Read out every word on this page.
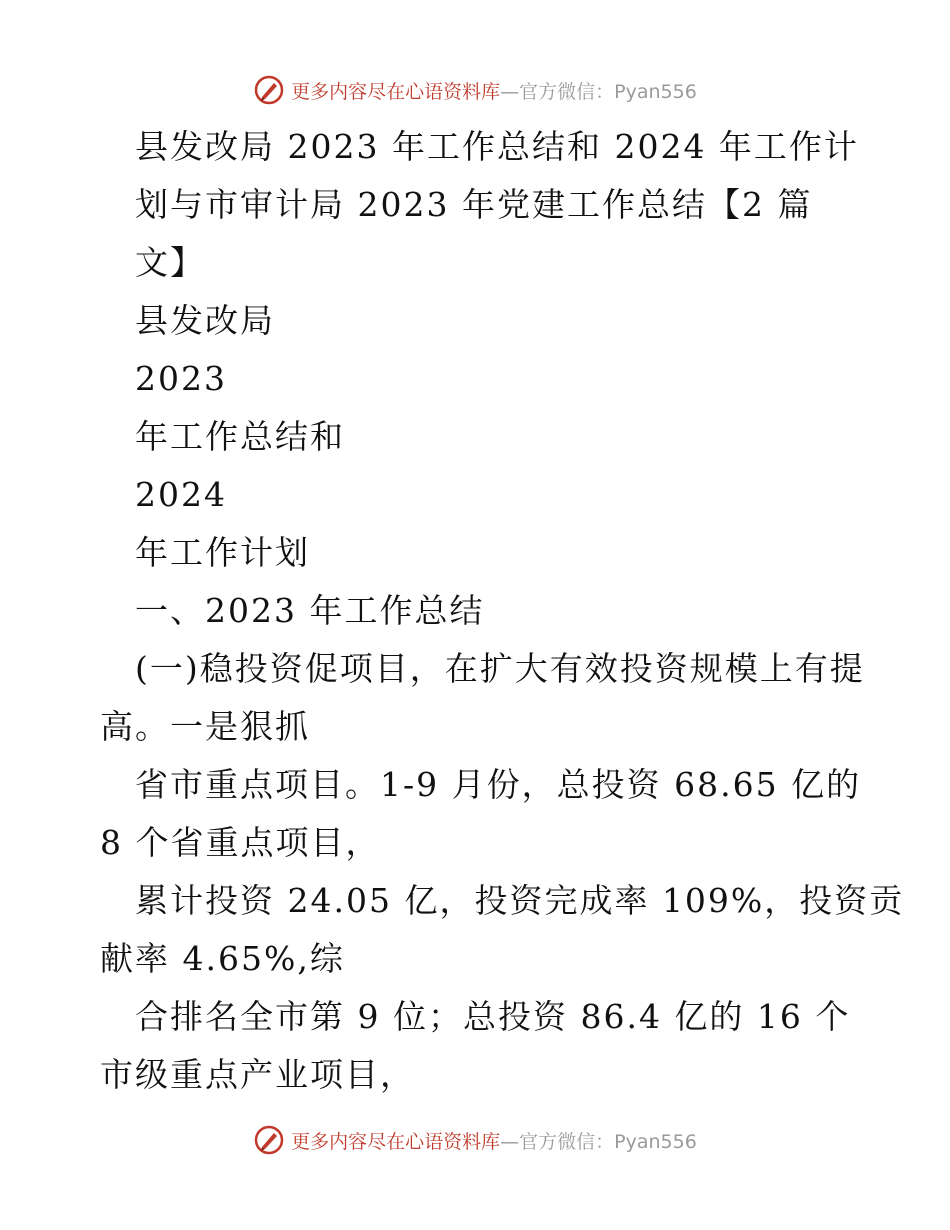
更多内容尽在心语资料库—官方微信：Pyan556
县发改局 2023 年工作总结和 2024 年工作计
划与市审计局 2023 年党建工作总结【2 篇
文】
县发改局
2023
年工作总结和
2024
年工作计划
一、2023 年工作总结
(一)稳投资促项目，在扩大有效投资规模上有提
高。一是狠抓
省市重点项目。1-9 月份，总投资 68.65 亿的
8 个省重点项目，
累计投资 24.05 亿，投资完成率 109%，投资贡
献率 4.65%,综
合排名全市第 9 位；总投资 86.4 亿的 16 个
市级重点产业项目，
更多内容尽在心语资料库—官方微信：Pyan556
